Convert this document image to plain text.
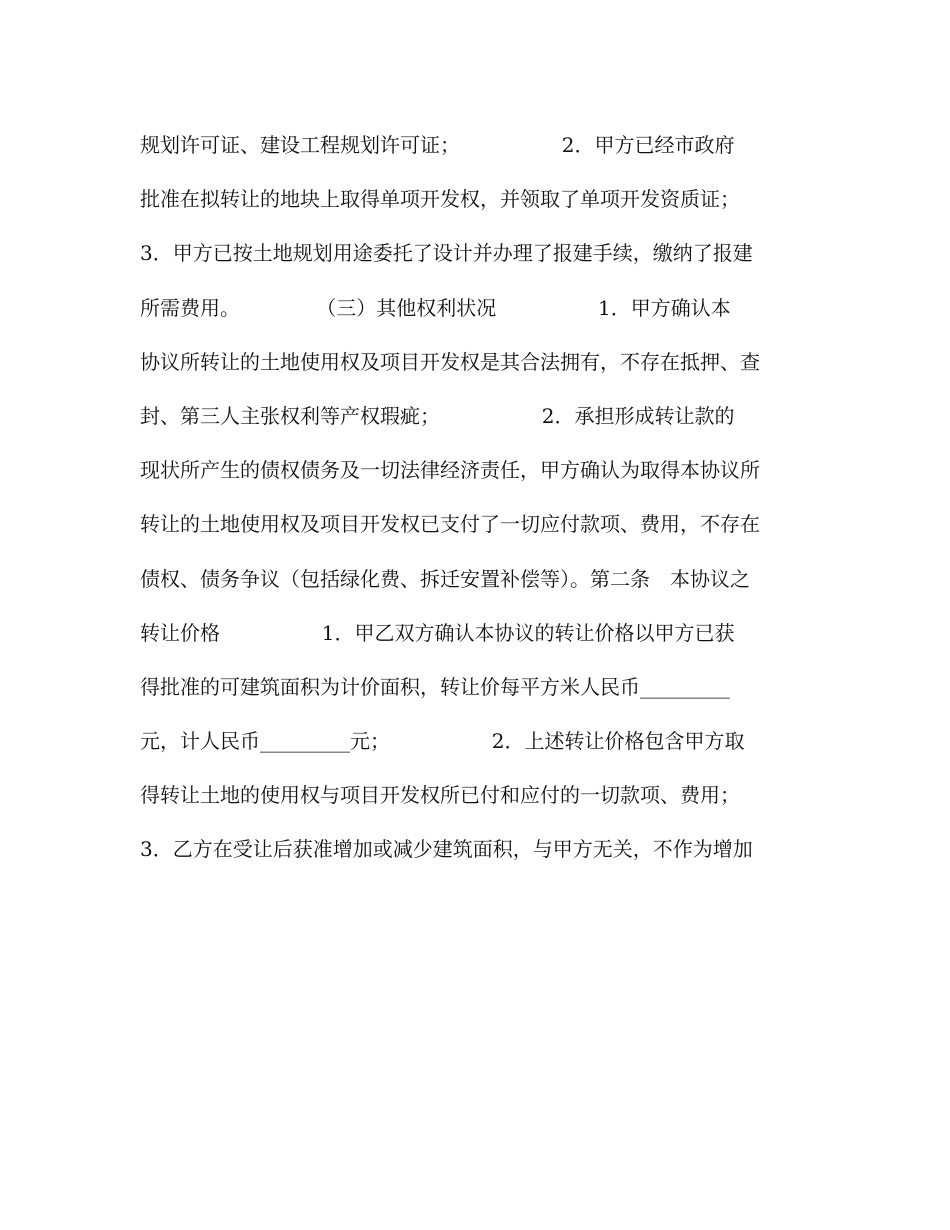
规划许可证、建设工程规划许可证；                2．甲方已经市政府
批准在拟转让的地块上取得单项开发权，并领取了单项开发资质证；
3．甲方已按土地规划用途委托了设计并办理了报建手续，缴纳了报建
所需费用。            （三）其他权利状况                1．甲方确认本
协议所转让的土地使用权及项目开发权是其合法拥有，不存在抵押、查
封、第三人主张权利等产权瑕疵；                2．承担形成转让款的
现状所产生的债权债务及一切法律经济责任，甲方确认为取得本协议所
转让的土地使用权及项目开发权已支付了一切应付款项、费用，不存在
债权、债务争议（包括绿化费、拆迁安置补偿等）。第二条　本协议之
转让价格                1．甲乙双方确认本协议的转让价格以甲方已获
得批准的可建筑面积为计价面积，转让价每平方米人民币_________
元，计人民币_________元；                2．上述转让价格包含甲方取
得转让土地的使用权与项目开发权所已付和应付的一切款项、费用；
3．乙方在受让后获准增加或减少建筑面积，与甲方无关，不作为增加
